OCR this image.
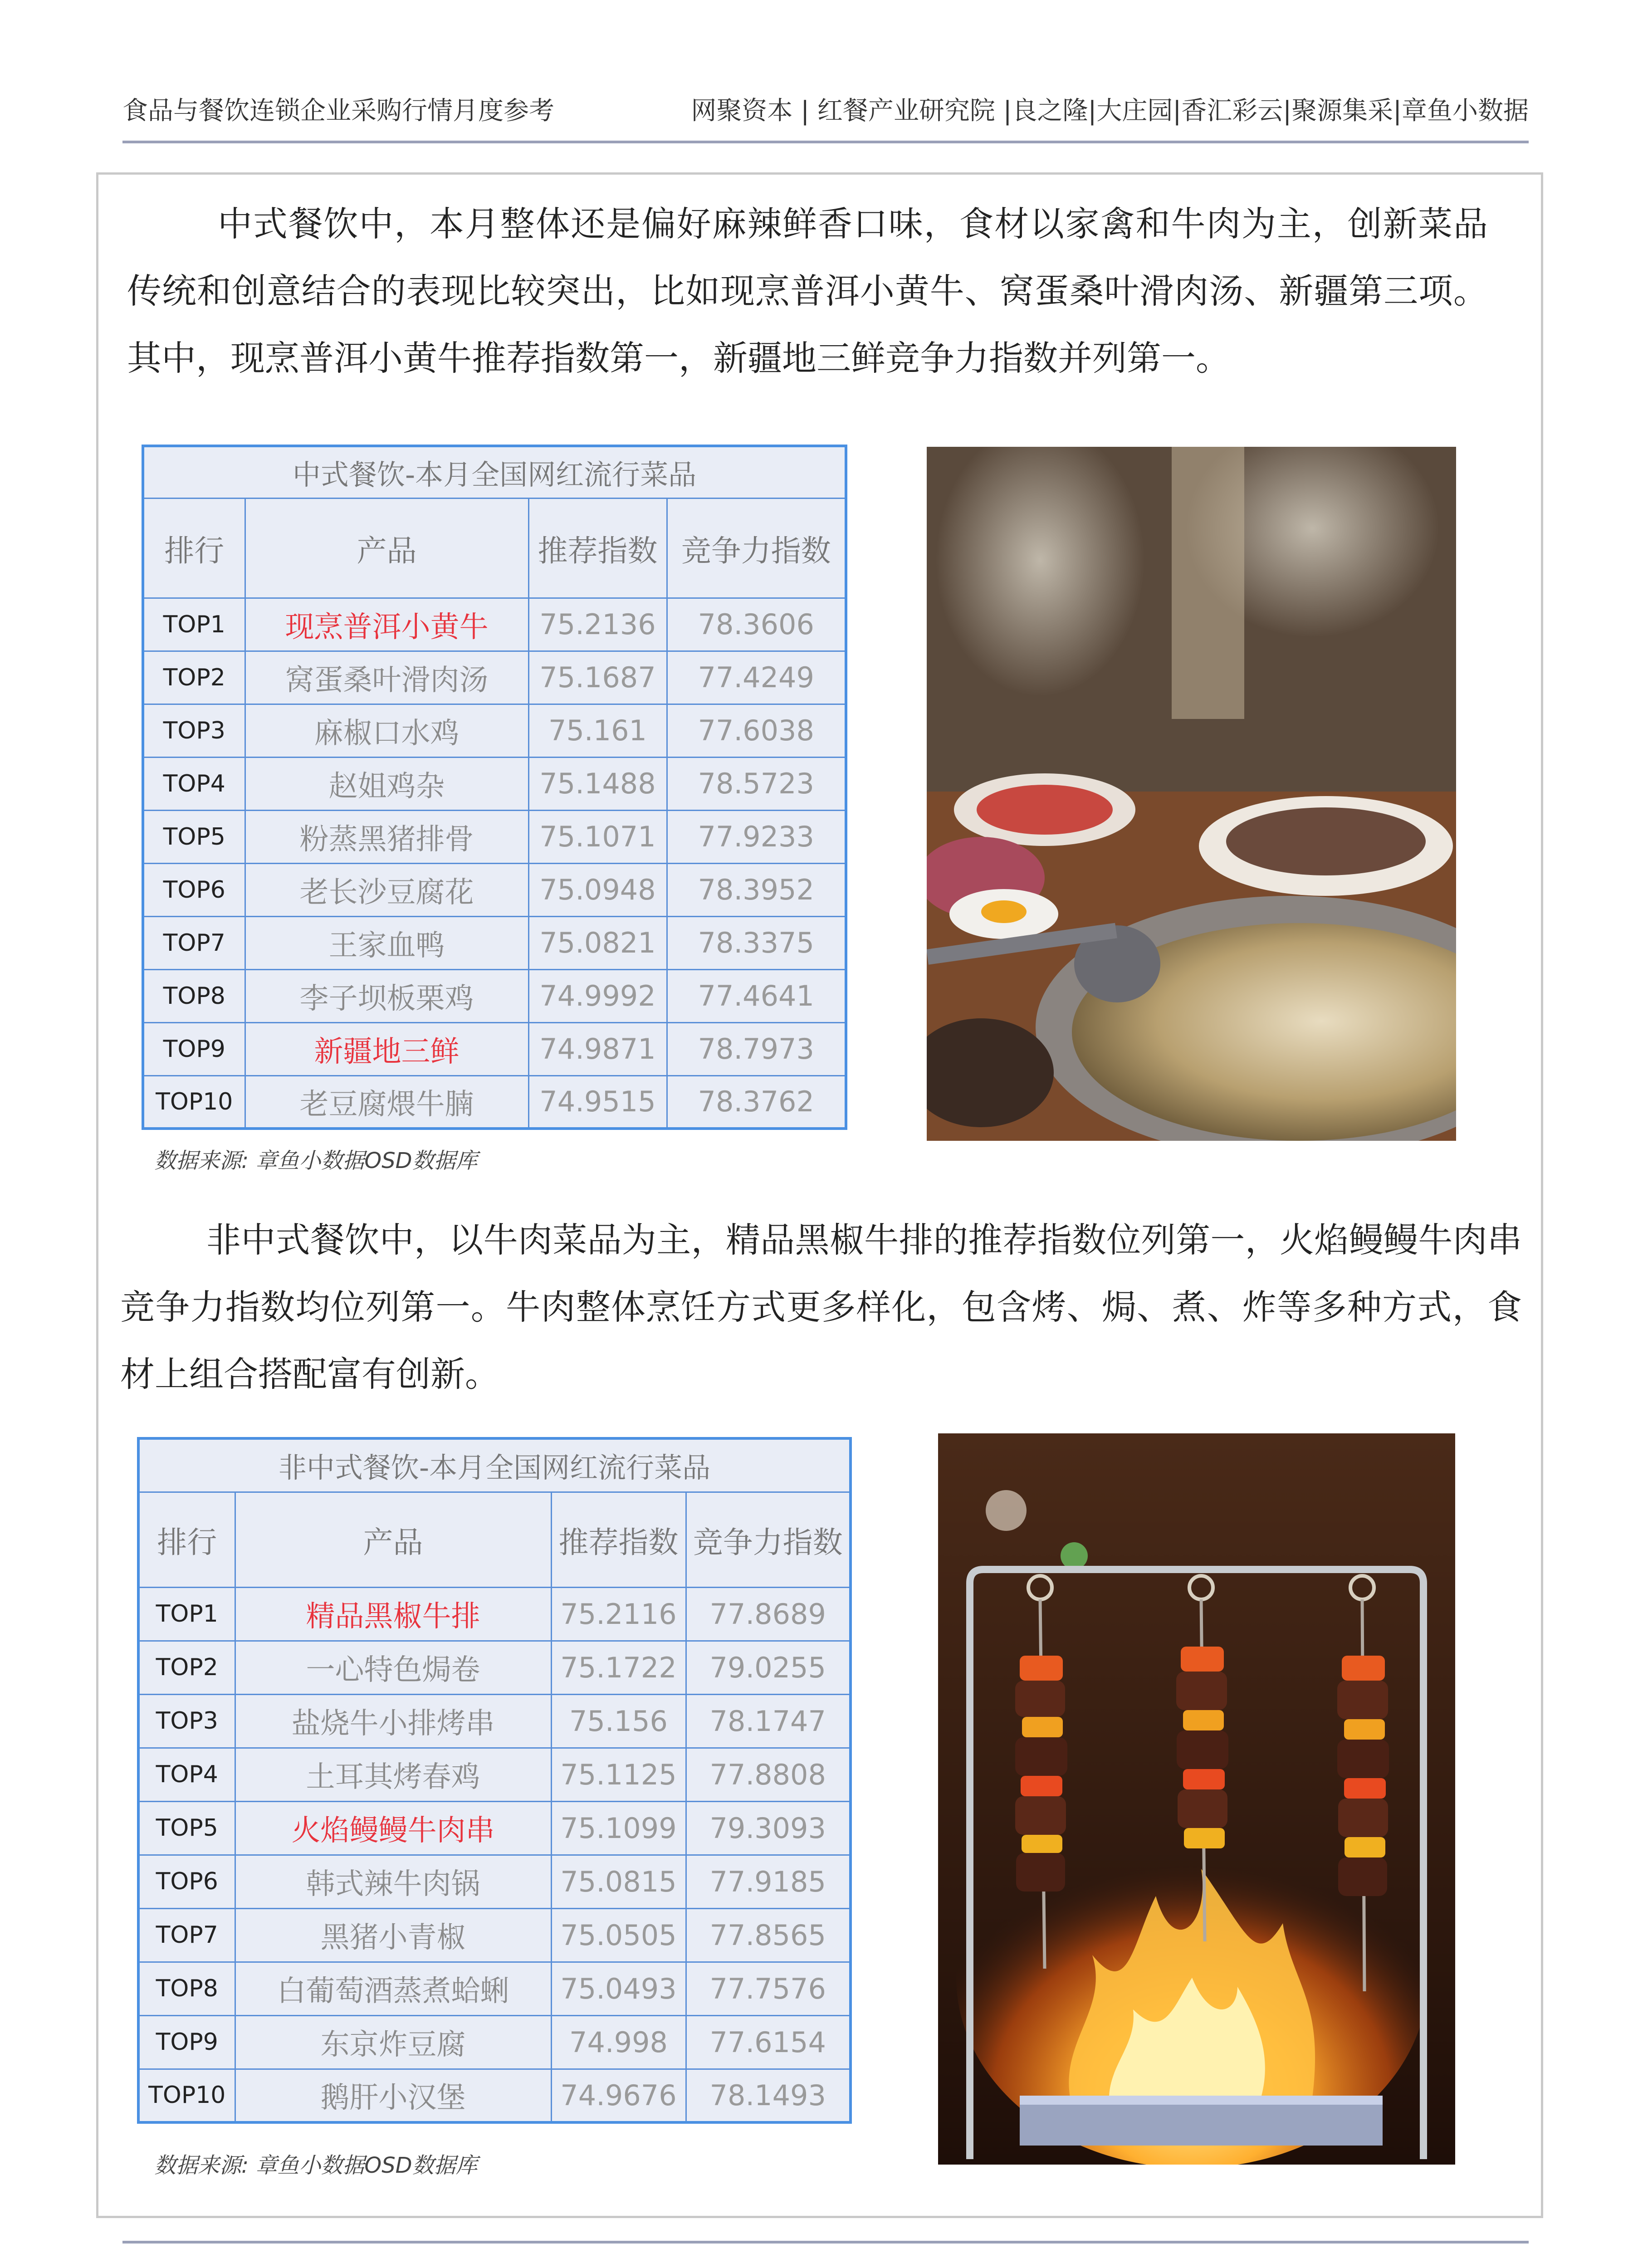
食品与餐饮连锁企业采购行情月度参考	网聚资本 | 红餐产业研究院 |良之隆|大庄园|香汇彩云|聚源集采|章鱼小数据

中式餐饮中，本月整体还是偏好麻辣鲜香口味，食材以家禽和牛肉为主，创新菜品传统和创意结合的表现比较突出，比如现烹普洱小黄牛、窝蛋桑叶滑肉汤、新疆第三项。其中，现烹普洱小黄牛推荐指数第一，新疆地三鲜竞争力指数并列第一。

中式餐饮-本月全国网红流行菜品			
排行	产品	推荐指数	竞争力指数
TOP1	现烹普洱小黄牛	75.2136	78.3606
TOP2	窝蛋桑叶滑肉汤	75.1687	77.4249
TOP3	麻椒口水鸡	75.161	77.6038
TOP4	赵姐鸡杂	75.1488	78.5723
TOP5	粉蒸黑猪排骨	75.1071	77.9233
TOP6	老长沙豆腐花	75.0948	78.3952
TOP7	王家血鸭	75.0821	78.3375
TOP8	李子坝板栗鸡	74.9992	77.4641
TOP9	新疆地三鲜	74.9871	78.7973
TOP10	老豆腐煨牛腩	74.9515	78.3762
数据来源: 章鱼小数据OSD数据库

非中式餐饮中，以牛肉菜品为主，精品黑椒牛排的推荐指数位列第一，火焰鳗鳗牛肉串竞争力指数均位列第一。牛肉整体烹饪方式更多样化，包含烤、焗、煮、炸等多种方式，食材上组合搭配富有创新。

非中式餐饮-本月全国网红流行菜品			
排行	产品	推荐指数	竞争力指数
TOP1	精品黑椒牛排	75.2116	77.8689
TOP2	一心特色焗卷	75.1722	79.0255
TOP3	盐烧牛小排烤串	75.156	78.1747
TOP4	土耳其烤春鸡	75.1125	77.8808
TOP5	火焰鳗鳗牛肉串	75.1099	79.3093
TOP6	韩式辣牛肉锅	75.0815	77.9185
TOP7	黑猪小青椒	75.0505	77.8565
TOP8	白葡萄酒蒸煮蛤蜊	75.0493	77.7576
TOP9	东京炸豆腐	74.998	77.6154
TOP10	鹅肝小汉堡	74.9676	78.1493
数据来源: 章鱼小数据OSD数据库
